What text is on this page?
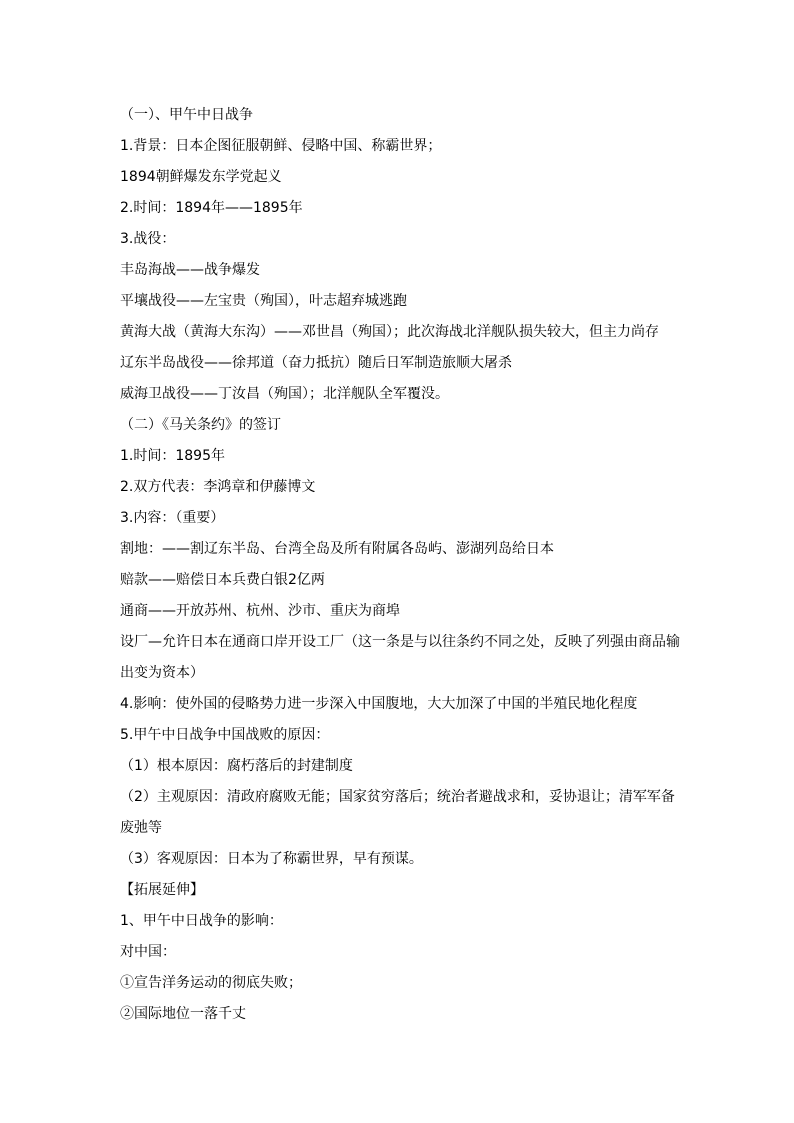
（一）、甲午中日战争
1.背景：日本企图征服朝鲜、侵略中国、称霸世界；
1894朝鲜爆发东学党起义
2.时间：1894年——1895年
3.战役：
丰岛海战——战争爆发
平壤战役——左宝贵（殉国），叶志超弃城逃跑
黄海大战（黄海大东沟）——邓世昌（殉国）；此次海战北洋舰队损失较大，但主力尚存
辽东半岛战役——徐邦道（奋力抵抗）随后日军制造旅顺大屠杀
威海卫战役——丁汝昌（殉国）；北洋舰队全军覆没。
（二）《马关条约》的签订
1.时间：1895年
2.双方代表：李鸿章和伊藤博文
3.内容：（重要）
割地：——割辽东半岛、台湾全岛及所有附属各岛屿、澎湖列岛给日本
赔款——赔偿日本兵费白银2亿两
通商——开放苏州、杭州、沙市、重庆为商埠
设厂—允许日本在通商口岸开设工厂（这一条是与以往条约不同之处，反映了列强由商品输出变为资本）
4.影响：使外国的侵略势力进一步深入中国腹地，大大加深了中国的半殖民地化程度
5.甲午中日战争中国战败的原因：
（1）根本原因：腐朽落后的封建制度
（2）主观原因：清政府腐败无能；国家贫穷落后；统治者避战求和，妥协退让；清军军备废弛等
（3）客观原因：日本为了称霸世界，早有预谋。
【拓展延伸】
1、甲午中日战争的影响：
对中国：
①宣告洋务运动的彻底失败；
②国际地位一落千丈
